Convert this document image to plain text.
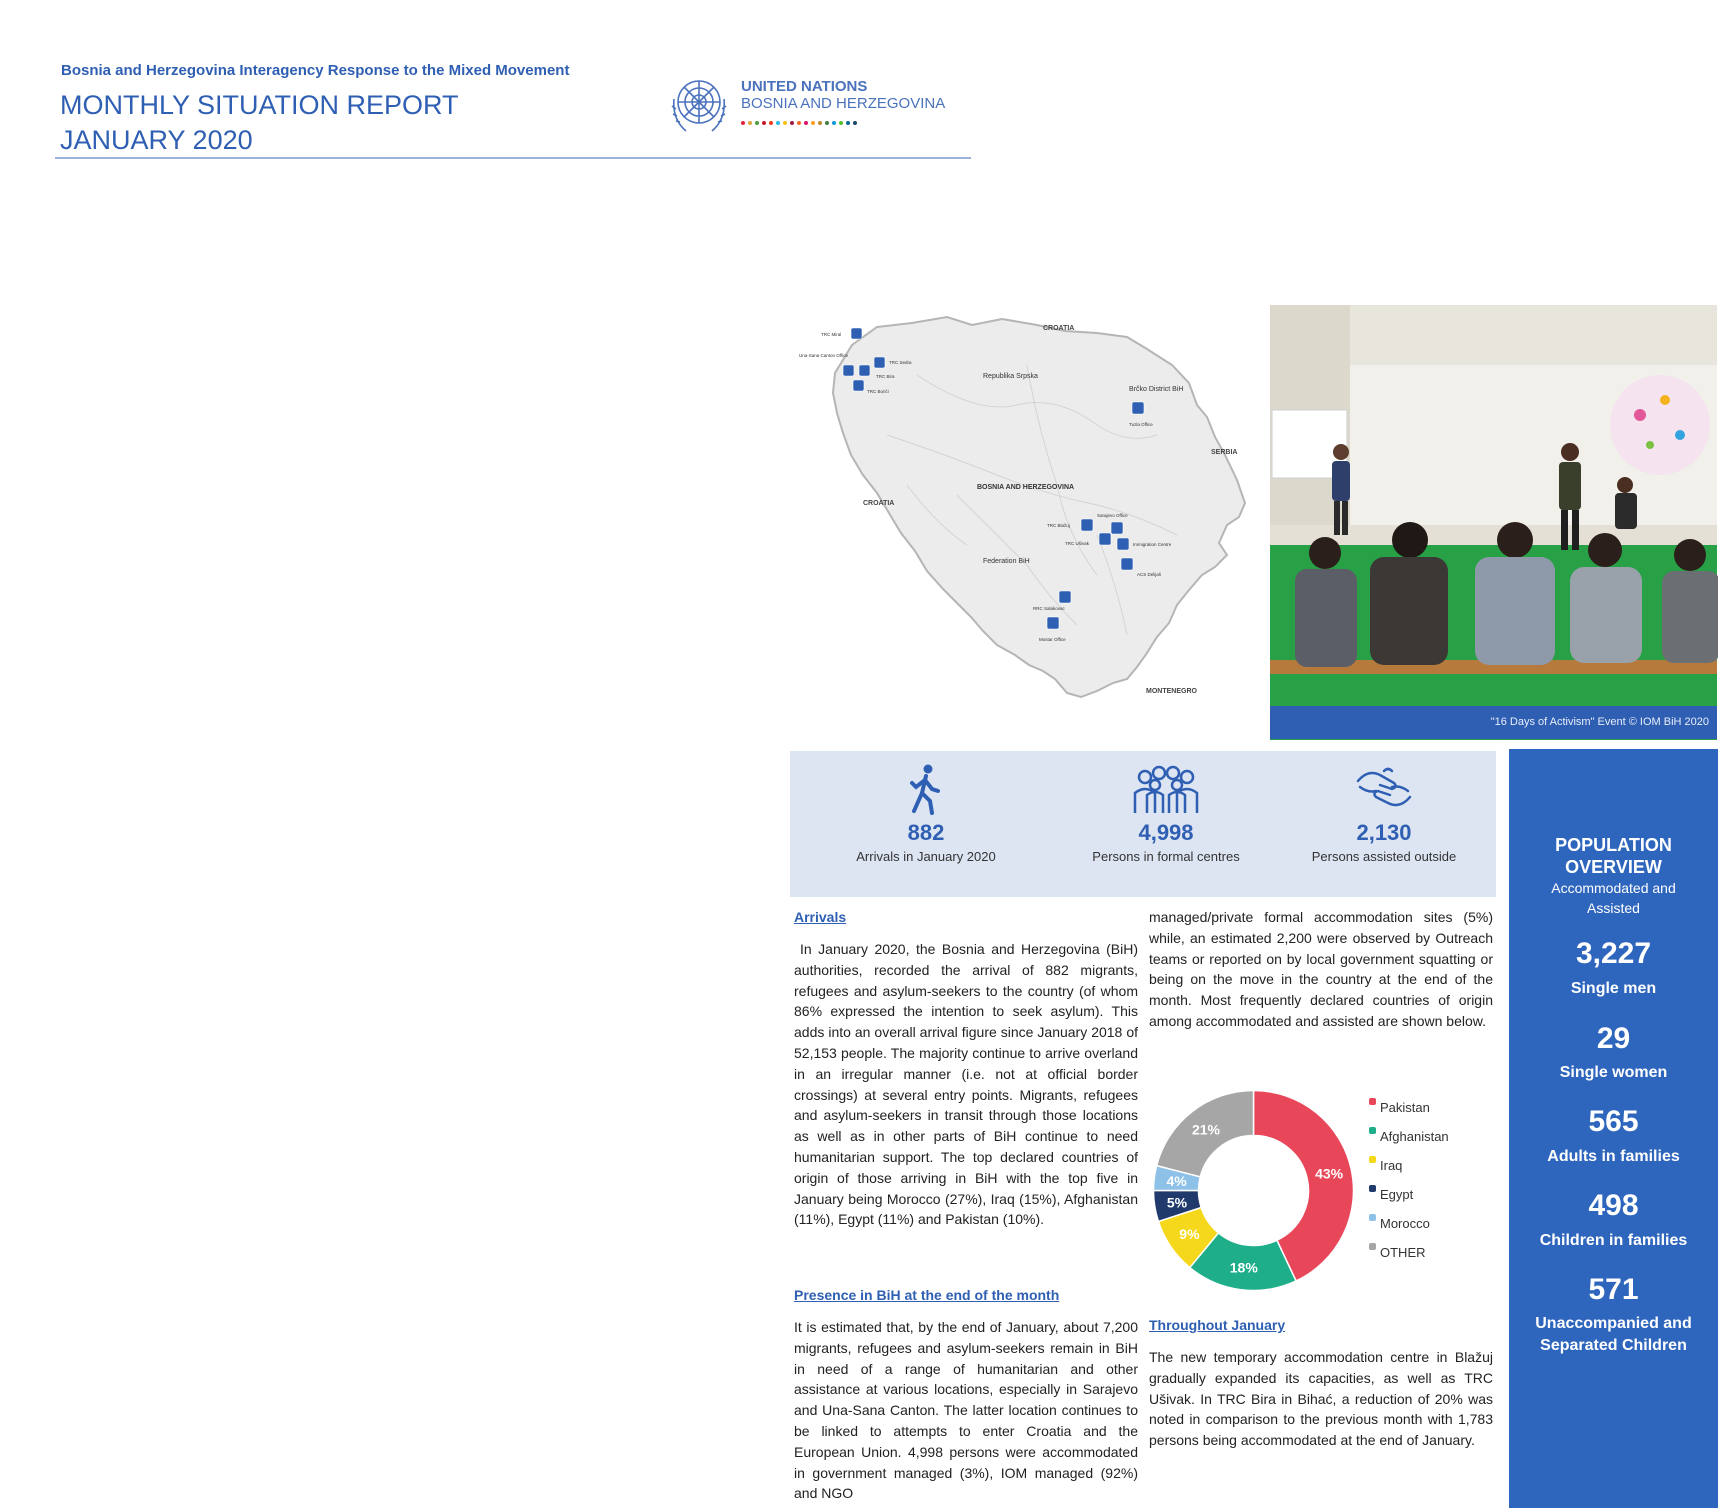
Bosnia and Herzegovina Interagency Response to the Mixed Movement
MONTHLY SITUATION REPORT
JANUARY 2020
UNITED NATIONS
BOSNIA AND HERZEGOVINA
CROATIA
SERBIA
CROATIA
MONTENEGRO
Republika Srpska
BOSNIA AND HERZEGOVINA
Federation BiH
Brčko District BiH
TRC Miral
Una-Sana Canton Office
TRC Sedra
TRC Bira
TRC Borići
Tuzla Office
Sarajevo Office
TRC Blažuj
TRC Ušivak	Immigration Centre
ACS Delijaš
RRC Salakovac
Mostar Office
"16 Days of Activism" Event © IOM BiH 2020
882
Arrivals in January 2020
4,998
Persons in formal centres
2,130
Persons assisted outside
POPULATION
OVERVIEW
Accommodated and
Assisted
3,227
Single men
29
Single women
565
Adults in families
498
Children in families
571
Unaccompanied and
Separated Children
Arrivals
In January 2020, the Bosnia and Herzegovina (BiH) authorities, recorded the arrival of 882 migrants, refugees and asylum-seekers to the country (of whom 86% expressed the intention to seek asylum). This adds into an overall arrival figure since January 2018 of 52,153 people. The majority continue to arrive overland in an irregular manner (i.e. not at official border crossings) at several entry points. Migrants, refugees and asylum-seekers in transit through those locations as well as in other parts of BiH continue to need humanitarian support. The top declared countries of origin of those arriving in BiH with the top five in January being Morocco (27%), Iraq (15%), Afghanistan (11%), Egypt (11%) and Pakistan (10%).
Presence in BiH at the end of the month
It is estimated that, by the end of January, about 7,200 migrants, refugees and asylum-seekers remain in BiH in need of a range of humanitarian and other assistance at various locations, especially in Sarajevo and Una-Sana Canton. The latter location continues to be linked to attempts to enter Croatia and the European Union. 4,998 persons were accommodated in government managed (3%), IOM managed (92%) and NGO
managed/private formal accommodation sites (5%) while, an estimated 2,200 were observed by Outreach teams or reported on by local government squatting or being on the move in the country at the end of the month. Most frequently declared countries of origin among accommodated and assisted are shown below.
43%
18%
9%
5%
4%
21%
Pakistan
Afghanistan
Iraq
Egypt
Morocco
OTHER
Throughout January
The new temporary accommodation centre in Blažuj gradually expanded its capacities, as well as TRC Ušivak. In TRC Bira in Bihać, a reduction of 20% was noted in comparison to the previous month with 1,783 persons being accommodated at the end of January.
